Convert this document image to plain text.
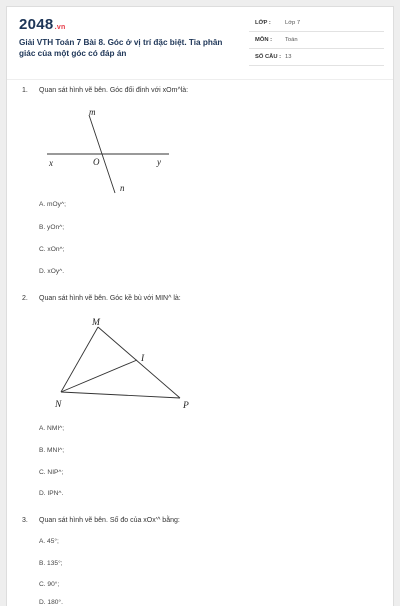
2048.vn
Giải VTH Toán 7 Bài 8. Góc ở vị trí đặc biệt. Tia phân giác của một góc có đáp án
LỚP : Lớp 7
MÔN : Toán
SỐ CÂU : 13
1. Quan sát hình vẽ bên. Góc đối đỉnh với xOm^là:
m
x	O	y
n
A. mOy^;
B. yOn^;
C. xOn^;
D. xOy^.
2. Quan sát hình vẽ bên. Góc kề bù với MIN^ là:
M
I
N	P
A. NMI^;
B. MNI^;
C. NIP^;
D. IPN^.
3. Quan sát hình vẽ bên. Số đo của xOx'^ bằng:
A. 45°;
B. 135°;
C. 90°;
D. 180°.
